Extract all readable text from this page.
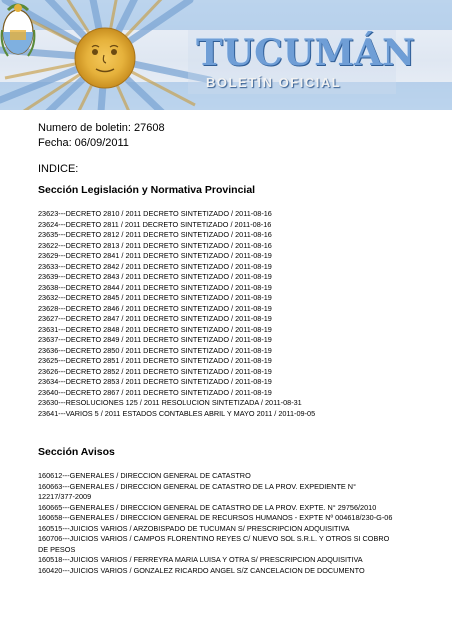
TUCUMÁN
BOLETÍN OFICIAL
Numero de boletin: 27608
Fecha: 06/09/2011
INDICE:
Sección Legislación y Normativa Provincial
23623---DECRETO 2810 / 2011 DECRETO SINTETIZADO / 2011-08-16
23624---DECRETO 2811 / 2011 DECRETO SINTETIZADO / 2011-08-16
23635---DECRETO 2812 / 2011 DECRETO SINTETIZADO / 2011-08-16
23622---DECRETO 2813 / 2011 DECRETO SINTETIZADO / 2011-08-16
23629---DECRETO 2841 / 2011 DECRETO SINTETIZADO / 2011-08-19
23633---DECRETO 2842 / 2011 DECRETO SINTETIZADO / 2011-08-19
23639---DECRETO 2843 / 2011 DECRETO SINTETIZADO / 2011-08-19
23638---DECRETO 2844 / 2011 DECRETO SINTETIZADO / 2011-08-19
23632---DECRETO 2845 / 2011 DECRETO SINTETIZADO / 2011-08-19
23628---DECRETO 2846 / 2011 DECRETO SINTETIZADO / 2011-08-19
23627---DECRETO 2847 / 2011 DECRETO SINTETIZADO / 2011-08-19
23631---DECRETO 2848 / 2011 DECRETO SINTETIZADO / 2011-08-19
23637---DECRETO 2849 / 2011 DECRETO SINTETIZADO / 2011-08-19
23636---DECRETO 2850 / 2011 DECRETO SINTETIZADO / 2011-08-19
23625---DECRETO 2851 / 2011 DECRETO SINTETIZADO / 2011-08-19
23626---DECRETO 2852 / 2011 DECRETO SINTETIZADO / 2011-08-19
23634---DECRETO 2853 / 2011 DECRETO SINTETIZADO / 2011-08-19
23640---DECRETO 2867 / 2011 DECRETO SINTETIZADO / 2011-08-19
23630---RESOLUCIONES 125 / 2011 RESOLUCION SINTETIZADA / 2011-08-31
23641---VARIOS 5 / 2011 ESTADOS CONTABLES ABRIL Y MAYO 2011 / 2011-09-05
Sección Avisos
160612---GENERALES / DIRECCION GENERAL DE CATASTRO
160663---GENERALES / DIRECCION GENERAL DE CATASTRO DE LA PROV. EXPEDIENTE N°
12217/377-2009
160665---GENERALES / DIRECCION GENERAL DE CATASTRO DE LA PROV. EXPTE. N° 29756/2010
160658---GENERALES / DIRECCION GENERAL DE RECURSOS HUMANOS - EXPTE Nº 004618/230-G-06
160515---JUICIOS VARIOS / ARZOBISPADO DE TUCUMAN S/ PRESCRIPCION ADQUISITIVA
160706---JUICIOS VARIOS / CAMPOS FLORENTINO REYES C/ NUEVO SOL S.R.L. Y OTROS SI COBRO
DE PESOS
160518---JUICIOS VARIOS / FERREYRA MARIA LUISA Y OTRA S/ PRESCRIPCION ADQUISITIVA
160420---JUICIOS VARIOS / GONZALEZ RICARDO ANGEL S/Z CANCELACION DE DOCUMENTO
